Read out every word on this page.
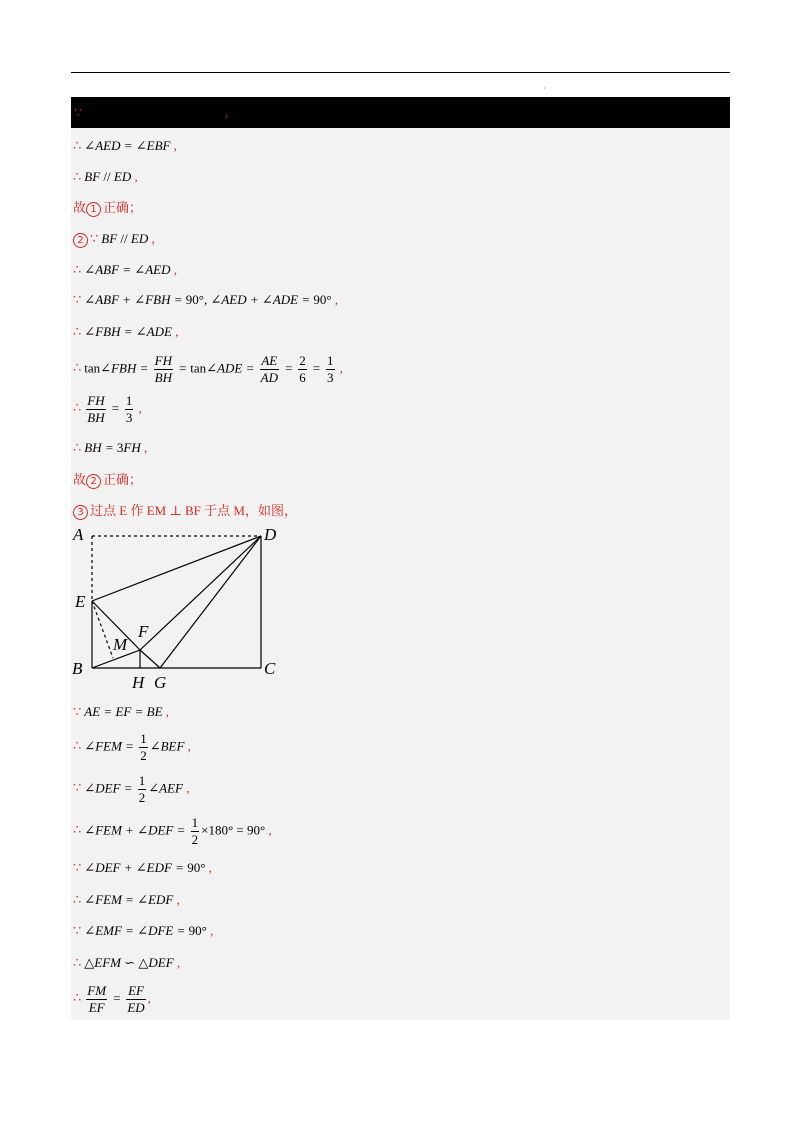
·
∵	,
∴ ∠AED = ∠EBF ,
∴ BF // ED ,
故 1 正确；
2 ∵ BF // ED ,
∴ ∠ABF = ∠AED ,
∵ ∠ABF + ∠FBH = 90°, ∠AED + ∠ADE = 90° ,
∴ ∠FBH = ∠ADE ,
∴ tan∠FBH = $\frac{FH}{BH}$ = tan∠ADE = $\frac{AE}{AD} = \frac{2}{6} = \frac{1}{3}$ ,
∴ $\frac{FH}{BH} = \frac{1}{3}$ ,
∴ BH = 3FH ,
故 2 正确；
3 过点 E 作 EM ⊥ BF 于点 M，如图，
A	D
E
F
M
B
H G
C
∵ AE = EF = BE ,
∴ ∠FEM = $\frac{1}{2}$ ∠BEF ,
∵ ∠DEF = $\frac{1}{2}$ ∠AEF ,
∴ ∠FEM + ∠DEF = $\frac{1}{2} \times 180^\circ = 90^\circ$ ,
∵ ∠DEF + ∠EDF = 90° ,
∴ ∠FEM = ∠EDF ,
∵ ∠EMF = ∠DFE = 90° ,
∴ △EFM ∽ △DEF ,
∴ $\frac{FM}{EF} = \frac{EF}{ED}$ ,
